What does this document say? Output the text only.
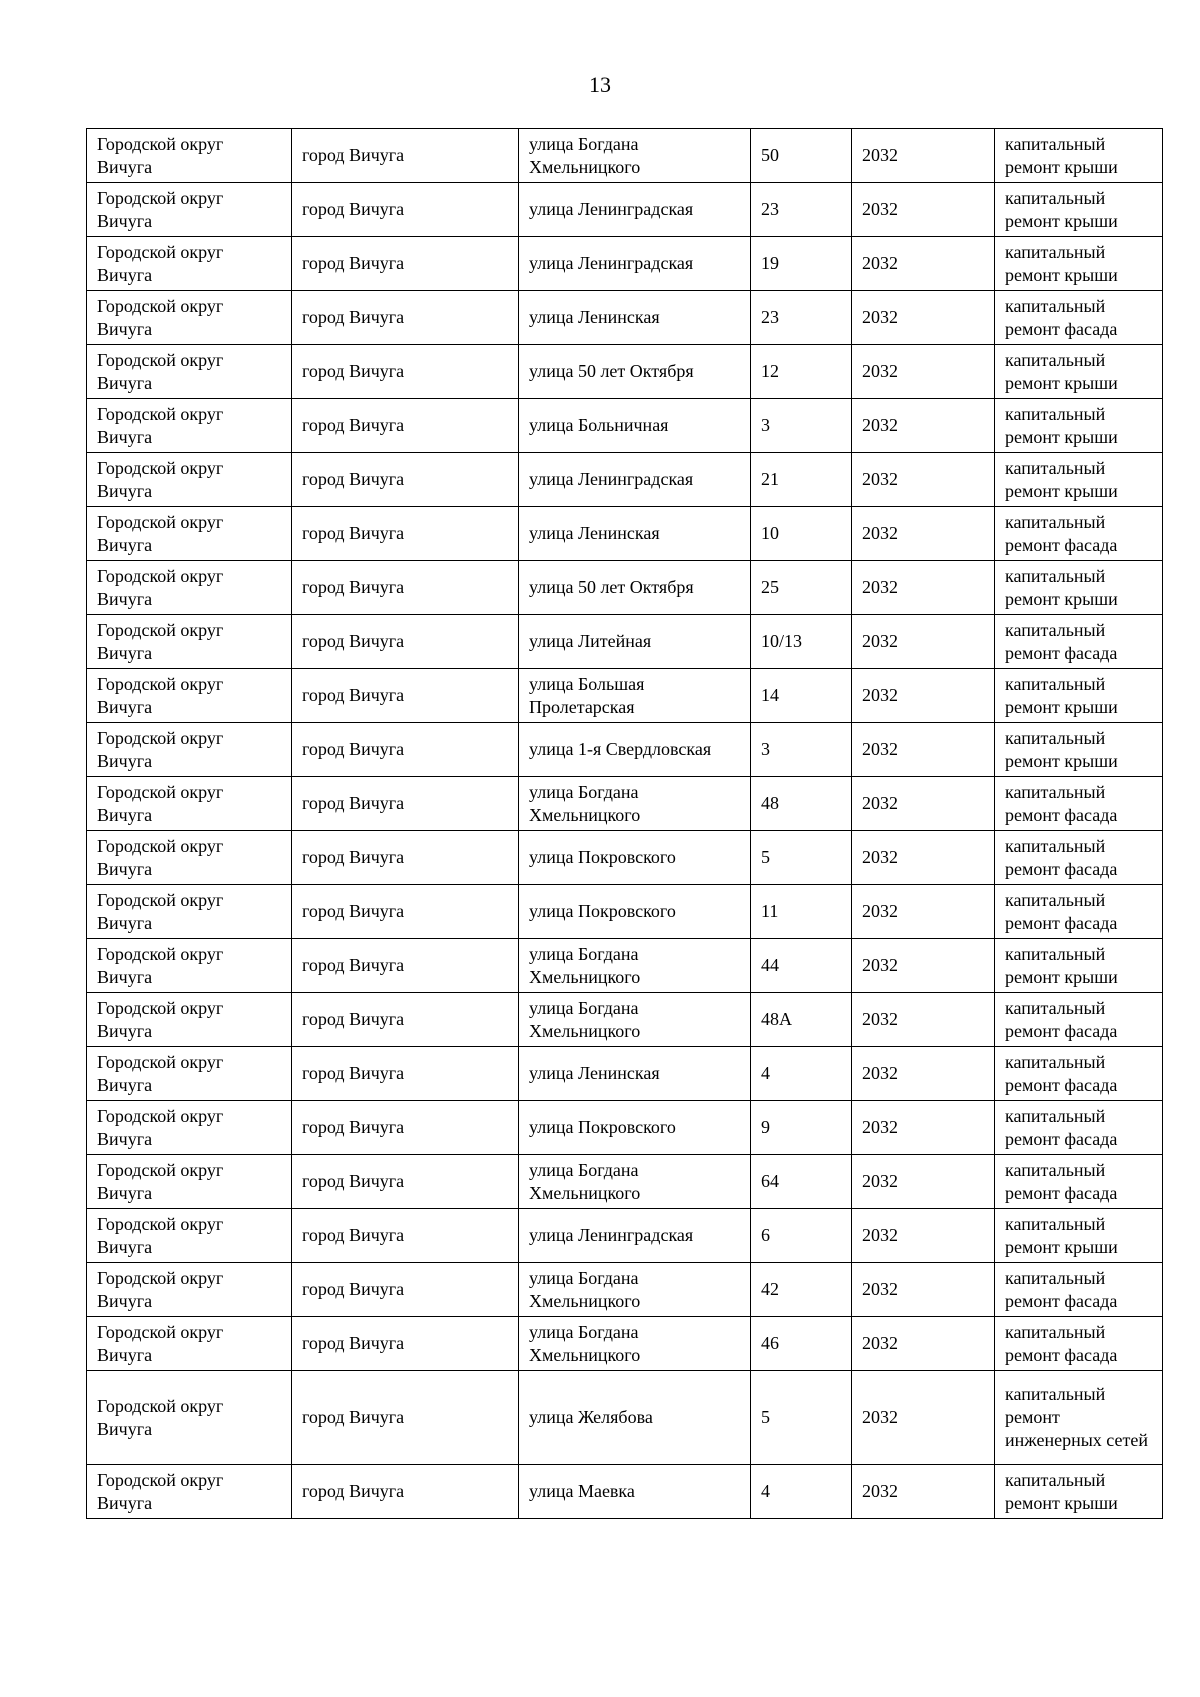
13
Городской округ Вичуга	город Вичуга	улица Богдана Хмельницкого	50	2032	капитальный ремонт крыши
Городской округ Вичуга	город Вичуга	улица Ленинградская	23	2032	капитальный ремонт крыши
Городской округ Вичуга	город Вичуга	улица Ленинградская	19	2032	капитальный ремонт крыши
Городской округ Вичуга	город Вичуга	улица Ленинская	23	2032	капитальный ремонт фасада
Городской округ Вичуга	город Вичуга	улица 50 лет Октября	12	2032	капитальный ремонт крыши
Городской округ Вичуга	город Вичуга	улица Больничная	3	2032	капитальный ремонт крыши
Городской округ Вичуга	город Вичуга	улица Ленинградская	21	2032	капитальный ремонт крыши
Городской округ Вичуга	город Вичуга	улица Ленинская	10	2032	капитальный ремонт фасада
Городской округ Вичуга	город Вичуга	улица 50 лет Октября	25	2032	капитальный ремонт крыши
Городской округ Вичуга	город Вичуга	улица Литейная	10/13	2032	капитальный ремонт фасада
Городской округ Вичуга	город Вичуга	улица Большая Пролетарская	14	2032	капитальный ремонт крыши
Городской округ Вичуга	город Вичуга	улица 1-я Свердловская	3	2032	капитальный ремонт крыши
Городской округ Вичуга	город Вичуга	улица Богдана Хмельницкого	48	2032	капитальный ремонт фасада
Городской округ Вичуга	город Вичуга	улица Покровского	5	2032	капитальный ремонт фасада
Городской округ Вичуга	город Вичуга	улица Покровского	11	2032	капитальный ремонт фасада
Городской округ Вичуга	город Вичуга	улица Богдана Хмельницкого	44	2032	капитальный ремонт крыши
Городской округ Вичуга	город Вичуга	улица Богдана Хмельницкого	48А	2032	капитальный ремонт фасада
Городской округ Вичуга	город Вичуга	улица Ленинская	4	2032	капитальный ремонт фасада
Городской округ Вичуга	город Вичуга	улица Покровского	9	2032	капитальный ремонт фасада
Городской округ Вичуга	город Вичуга	улица Богдана Хмельницкого	64	2032	капитальный ремонт фасада
Городской округ Вичуга	город Вичуга	улица Ленинградская	6	2032	капитальный ремонт крыши
Городской округ Вичуга	город Вичуга	улица Богдана Хмельницкого	42	2032	капитальный ремонт фасада
Городской округ Вичуга	город Вичуга	улица Богдана Хмельницкого	46	2032	капитальный ремонт фасада
Городской округ Вичуга	город Вичуга	улица Желябова	5	2032	капитальный ремонт инженерных сетей
Городской округ Вичуга	город Вичуга	улица Маевка	4	2032	капитальный ремонт крыши
